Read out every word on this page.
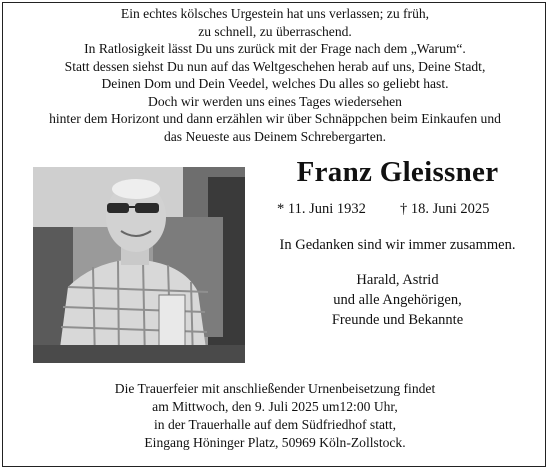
Ein echtes kölsches Urgestein hat uns verlassen; zu früh,
zu schnell, zu überraschend.
In Ratlosigkeit lässt Du uns zurück mit der Frage nach dem „Warum“.
Statt dessen siehst Du nun auf das Weltgeschehen herab auf uns, Deine Stadt,
Deinen Dom und Dein Veedel, welches Du alles so geliebt hast.
Doch wir werden uns eines Tages wiedersehen
hinter dem Horizont und dann erzählen wir über Schnäppchen beim Einkaufen und
das Neueste aus Deinem Schrebergarten.
Franz Gleissner
* 11. Juni 1932 † 18. Juni 2025
In Gedanken sind wir immer zusammen.
Harald, Astrid
und alle Angehörigen,
Freunde und Bekannte
Die Trauerfeier mit anschließender Urnenbeisetzung findet
am Mittwoch, den 9. Juli 2025 um12:00 Uhr,
in der Trauerhalle auf dem Südfriedhof statt,
Eingang Höninger Platz, 50969 Köln-Zollstock.
